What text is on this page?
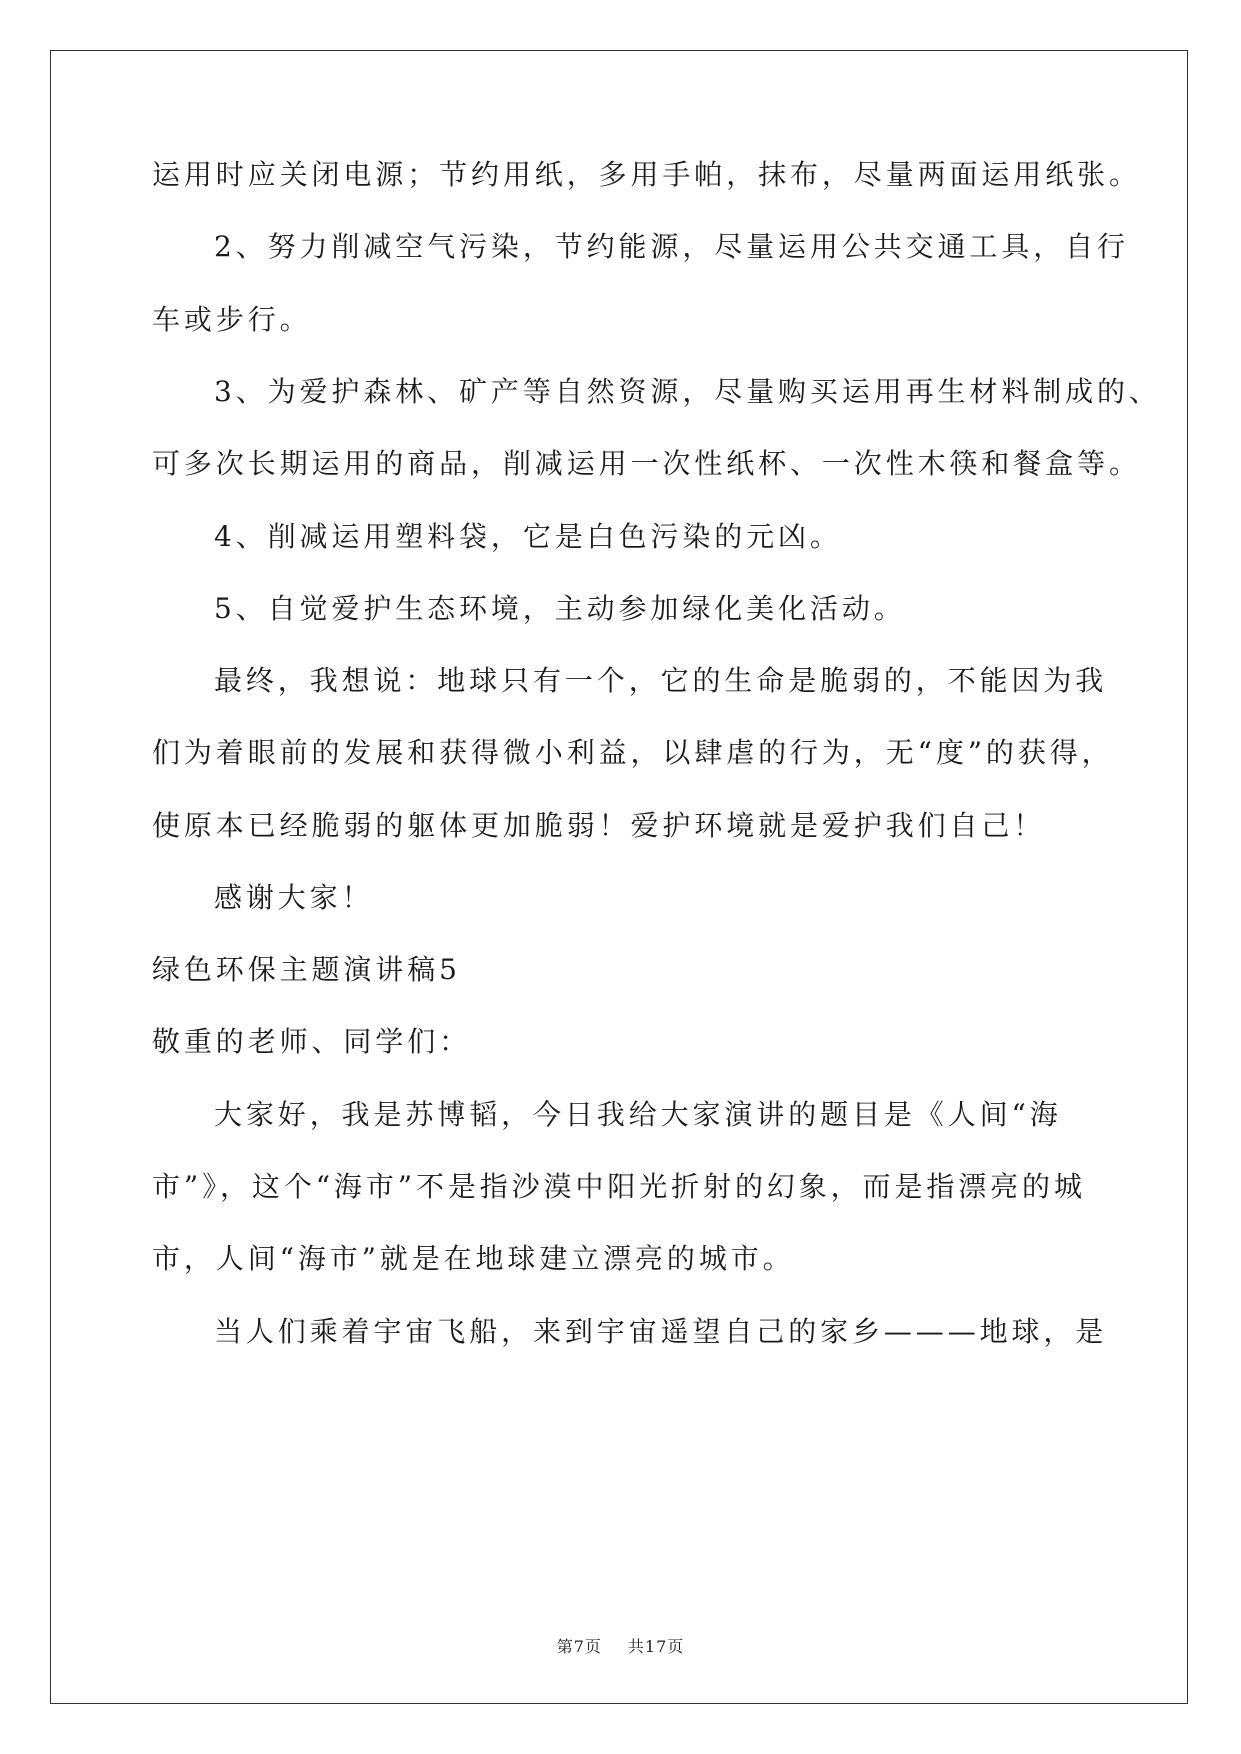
运用时应关闭电源；节约用纸，多用手帕，抹布，尽量两面运用纸张。
2、努力削减空气污染，节约能源，尽量运用公共交通工具，自行
车或步行。
3、为爱护森林、矿产等自然资源，尽量购买运用再生材料制成的、
可多次长期运用的商品，削减运用一次性纸杯、一次性木筷和餐盒等。
4、削减运用塑料袋，它是白色污染的元凶。
5、自觉爱护生态环境，主动参加绿化美化活动。
最终，我想说：地球只有一个，它的生命是脆弱的，不能因为我
们为着眼前的发展和获得微小利益，以肆虐的行为，无“度”的获得，
使原本已经脆弱的躯体更加脆弱！爱护环境就是爱护我们自己！
感谢大家！
绿色环保主题演讲稿5
敬重的老师、同学们：
大家好，我是苏博韬，今日我给大家演讲的题目是《人间“海
市”》，这个“海市”不是指沙漠中阳光折射的幻象，而是指漂亮的城
市，人间“海市”就是在地球建立漂亮的城市。
当人们乘着宇宙飞船，来到宇宙遥望自己的家乡———地球，是
第7页 共17页
